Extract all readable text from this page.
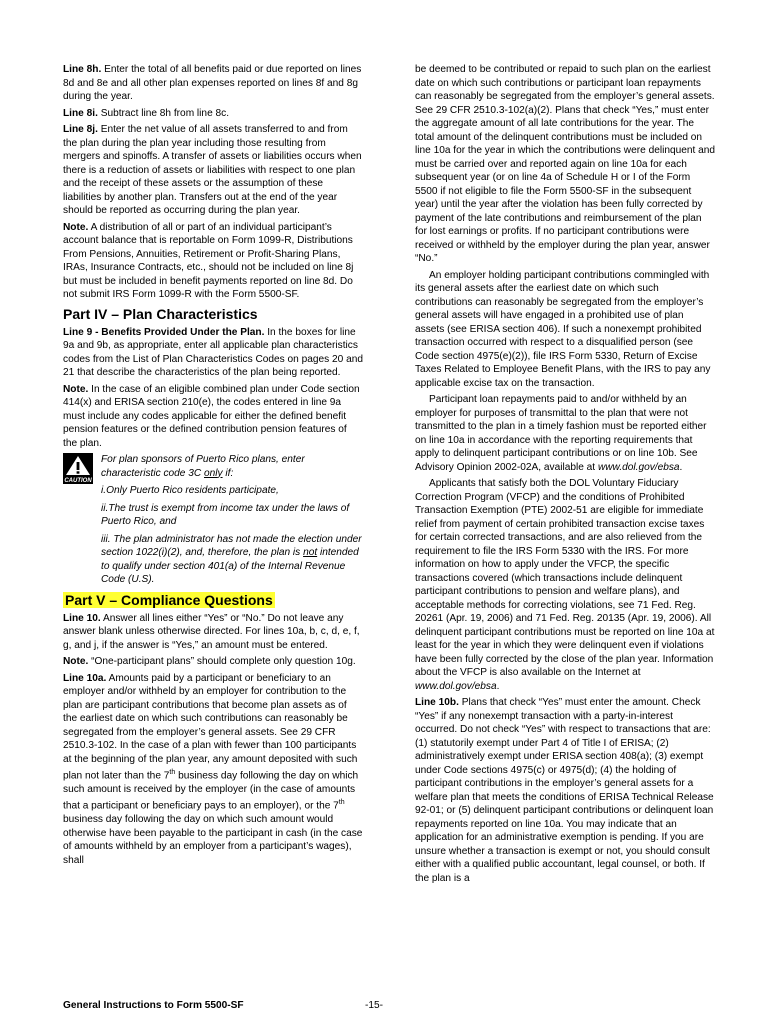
Line 8h. Enter the total of all benefits paid or due reported on lines 8d and 8e and all other plan expenses reported on lines 8f and 8g during the year.

Line 8i. Subtract line 8h from line 8c.

Line 8j. Enter the net value of all assets transferred to and from the plan during the plan year including those resulting from mergers and spinoffs. A transfer of assets or liabilities occurs when there is a reduction of assets or liabilities with respect to one plan and the receipt of these assets or the assumption of these liabilities by another plan. Transfers out at the end of the year should be reported as occurring during the plan year.

Note. A distribution of all or part of an individual participant’s account balance that is reportable on Form 1099-R, Distributions From Pensions, Annuities, Retirement or Profit-Sharing Plans, IRAs, Insurance Contracts, etc., should not be included on line 8j but must be included in benefit payments reported on line 8d. Do not submit IRS Form 1099-R with the Form 5500-SF.

Part IV – Plan Characteristics

Line 9 - Benefits Provided Under the Plan. In the boxes for line 9a and 9b, as appropriate, enter all applicable plan characteristics codes from the List of Plan Characteristics Codes on pages 20 and 21 that describe the characteristics of the plan being reported.

Note. In the case of an eligible combined plan under Code section 414(x) and ERISA section 210(e), the codes entered in line 9a must include any codes applicable for either the defined benefit pension features or the defined contribution pension features of the plan.

CAUTION

For plan sponsors of Puerto Rico plans, enter characteristic code 3C only if:

i.Only Puerto Rico residents participate,

ii.The trust is exempt from income tax under the laws of Puerto Rico, and

iii. The plan administrator has not made the election under section 1022(i)(2), and, therefore, the plan is not intended to qualify under section 401(a) of the Internal Revenue Code (U.S).

Part V – Compliance Questions

Line 10. Answer all lines either “Yes” or “No.” Do not leave any answer blank unless otherwise directed. For lines 10a, b, c, d, e, f, g, and j, if the answer is “Yes,” an amount must be entered.

Note. “One-participant plans” should complete only question 10g.

Line 10a. Amounts paid by a participant or beneficiary to an employer and/or withheld by an employer for contribution to the plan are participant contributions that become plan assets as of the earliest date on which such contributions can reasonably be segregated from the employer’s general assets. See 29 CFR 2510.3-102. In the case of a plan with fewer than 100 participants at the beginning of the plan year, any amount deposited with such plan not later than the 7th business day following the day on which such amount is received by the employer (in the case of amounts that a participant or beneficiary pays to an employer), or the 7th business day following the day on which such amount would otherwise have been payable to the participant in cash (in the case of amounts withheld by an employer from a participant’s wages), shall

be deemed to be contributed or repaid to such plan on the earliest date on which such contributions or participant loan repayments can reasonably be segregated from the employer’s general assets. See 29 CFR 2510.3-102(a)(2). Plans that check “Yes,” must enter the aggregate amount of all late contributions for the year. The total amount of the delinquent contributions must be included on line 10a for the year in which the contributions were delinquent and must be carried over and reported again on line 10a for each subsequent year (or on line 4a of Schedule H or I of the Form 5500 if not eligible to file the Form 5500-SF in the subsequent year) until the year after the violation has been fully corrected by payment of the late contributions and reimbursement of the plan for lost earnings or profits. If no participant contributions were received or withheld by the employer during the plan year, answer “No.”

An employer holding participant contributions commingled with its general assets after the earliest date on which such contributions can reasonably be segregated from the employer’s general assets will have engaged in a prohibited use of plan assets (see ERISA section 406). If such a nonexempt prohibited transaction occurred with respect to a disqualified person (see Code section 4975(e)(2)), file IRS Form 5330, Return of Excise Taxes Related to Employee Benefit Plans, with the IRS to pay any applicable excise tax on the transaction.

Participant loan repayments paid to and/or withheld by an employer for purposes of transmittal to the plan that were not transmitted to the plan in a timely fashion must be reported either on line 10a in accordance with the reporting requirements that apply to delinquent participant contributions or on line 10b. See Advisory Opinion 2002-02A, available at www.dol.gov/ebsa.

Applicants that satisfy both the DOL Voluntary Fiduciary Correction Program (VFCP) and the conditions of Prohibited Transaction Exemption (PTE) 2002-51 are eligible for immediate relief from payment of certain prohibited transaction excise taxes for certain corrected transactions, and are also relieved from the requirement to file the IRS Form 5330 with the IRS. For more information on how to apply under the VFCP, the specific transactions covered (which transactions include delinquent participant contributions to pension and welfare plans), and acceptable methods for correcting violations, see 71 Fed. Reg. 20261 (Apr. 19, 2006) and 71 Fed. Reg. 20135 (Apr. 19, 2006). All delinquent participant contributions must be reported on line 10a at least for the year in which they were delinquent even if violations have been fully corrected by the close of the plan year. Information about the VFCP is also available on the Internet at www.dol.gov/ebsa.

Line 10b. Plans that check “Yes” must enter the amount. Check “Yes” if any nonexempt transaction with a party-in-interest occurred. Do not check “Yes” with respect to transactions that are: (1) statutorily exempt under Part 4 of Title I of ERISA; (2) administratively exempt under ERISA section 408(a); (3) exempt under Code sections 4975(c) or 4975(d); (4) the holding of participant contributions in the employer’s general assets for a welfare plan that meets the conditions of ERISA Technical Release 92-01; or (5) delinquent participant contributions or delinquent loan repayments reported on line 10a. You may indicate that an application for an administrative exemption is pending. If you are unsure whether a transaction is exempt or not, you should consult either with a qualified public accountant, legal counsel, or both. If the plan is a

General Instructions to Form 5500-SF	-15-
